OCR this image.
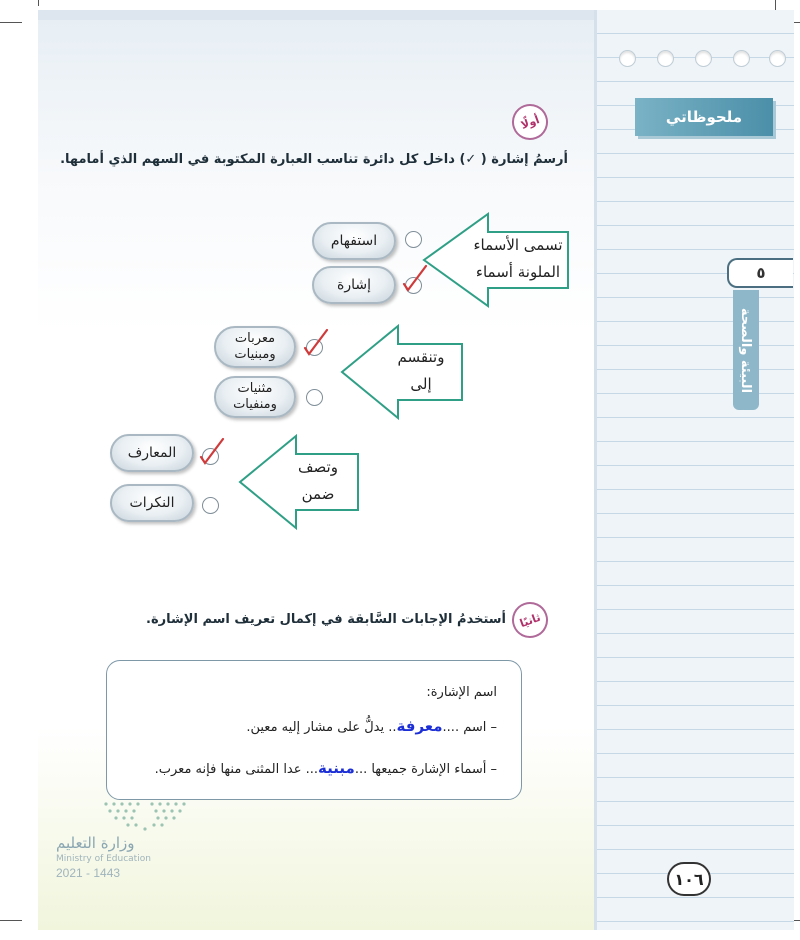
ملحوظاتي
٥
البيئة والصحة
١٠٦
أولًا
أرسمُ إشارة ( ✓) داخل كل دائرة تناسب العبارة المكتوبة في السهم الذي أمامها.
تسمى الأسماء
الملونة أسماء
استفهام
إشارة
وتنقسم
إلى
معربات
ومبنيات
مثنيات
ومنفيات
وتصف
ضمن
المعارف
النكرات
ثانيًا
أستخدمُ الإجابات السَّابقة في إكمال تعريف اسم الإشارة.
اسم الإشارة:
– اسم ....معرفة.. يدلُّ على مشار إليه معين.
– أسماء الإشارة جميعها ...مبنية... عدا المثنى منها فإنه معرب.
وزارة التعليم
Ministry of Education
2021 - 1443
